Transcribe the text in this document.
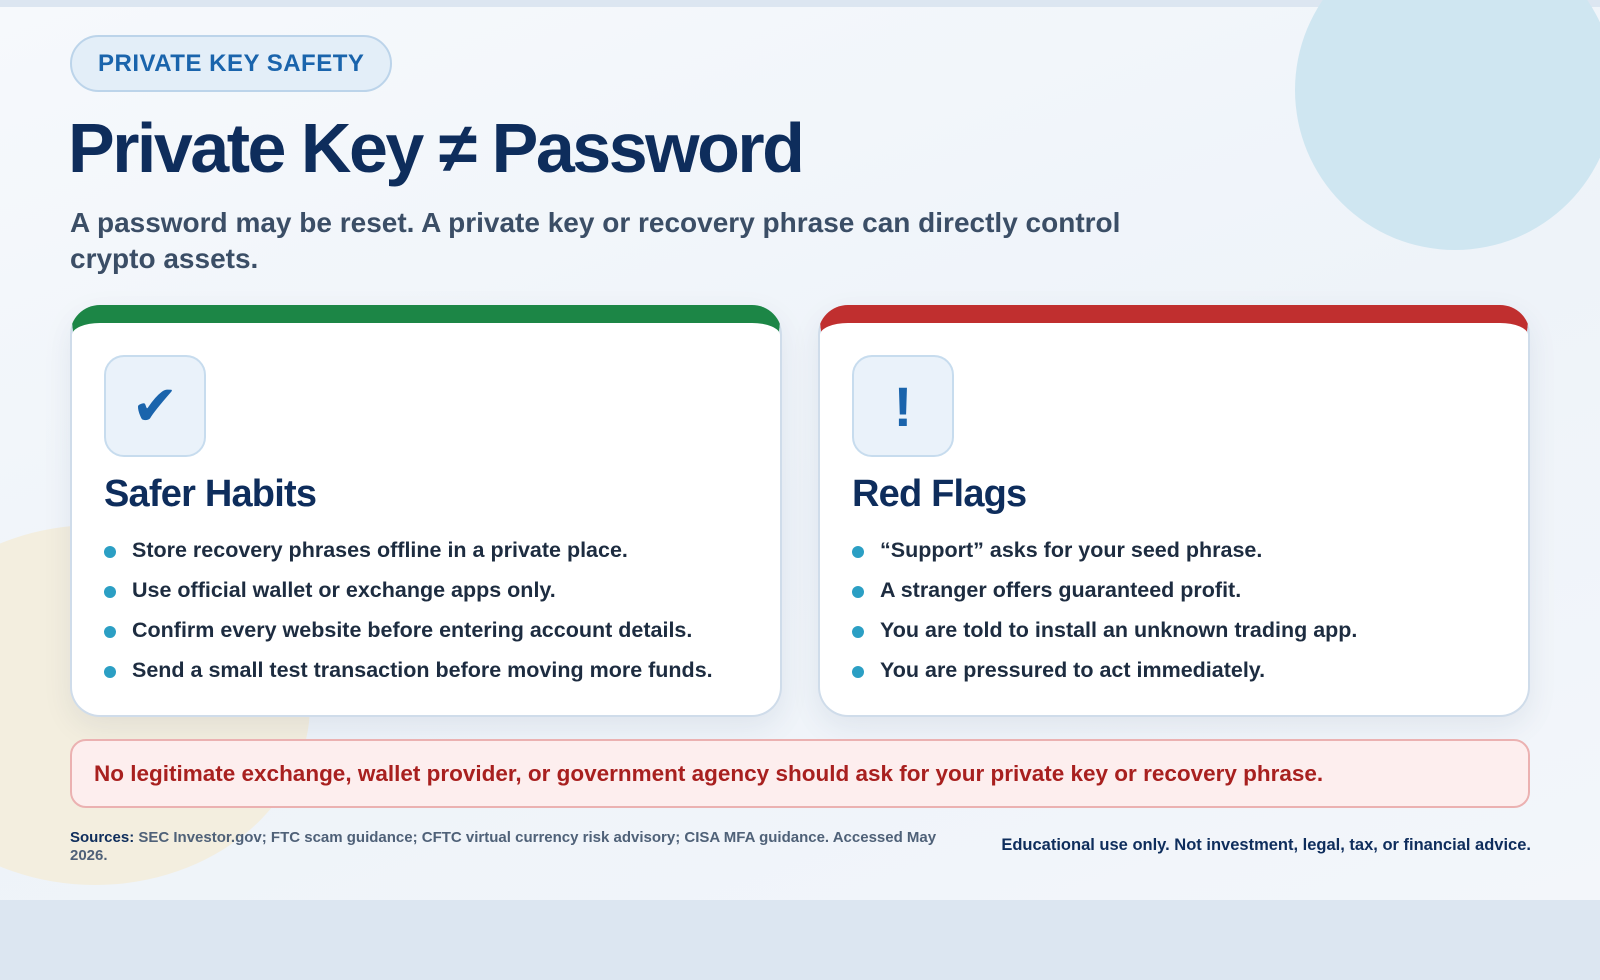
PRIVATE KEY SAFETY
Private Key ≠ Password

A password may be reset. A private key or recovery phrase can directly control crypto assets.

✔
Safer Habits
Store recovery phrases offline in a private place.
Use official wallet or exchange apps only.
Confirm every website before entering account details.
Send a small test transaction before moving more funds.
!
Red Flags
“Support” asks for your seed phrase.
A stranger offers guaranteed profit.
You are told to install an unknown trading app.
You are pressured to act immediately.
No legitimate exchange, wallet provider, or government agency should ask for your private key or recovery phrase.

Sources: SEC Investor.gov; FTC scam guidance; CFTC virtual currency risk advisory; CISA MFA guidance. Accessed May 2026.

Educational use only. Not investment, legal, tax, or financial advice.
